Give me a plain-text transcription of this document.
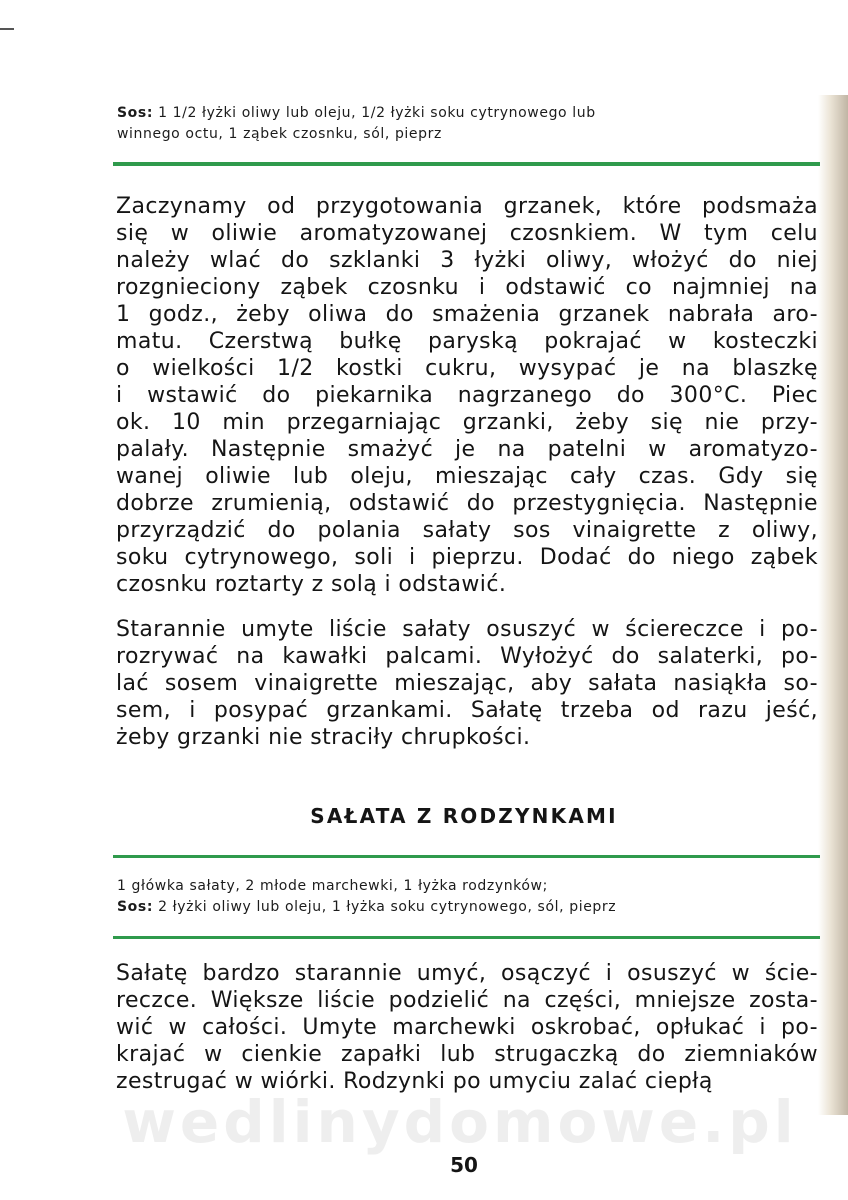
Sos: 1 1/2 łyżki oliwy lub oleju, 1/2 łyżki soku cytrynowego lub
winnego octu, 1 ząbek czosnku, sól, pieprz
Zaczynamy od przygotowania grzanek, które podsmaża
się w oliwie aromatyzowanej czosnkiem. W tym celu
należy wlać do szklanki 3 łyżki oliwy, włożyć do niej
rozgnieciony ząbek czosnku i odstawić co najmniej na
1 godz., żeby oliwa do smażenia grzanek nabrała aro-
matu. Czerstwą bułkę paryską pokrajać w kosteczki
o wielkości 1/2 kostki cukru, wysypać je na blaszkę
i wstawić do piekarnika nagrzanego do 300°C. Piec
ok. 10 min przegarniając grzanki, żeby się nie przy-
palały. Następnie smażyć je na patelni w aromatyzo-
wanej oliwie lub oleju, mieszając cały czas. Gdy się
dobrze zrumienią, odstawić do przestygnięcia. Następnie
przyrządzić do polania sałaty sos vinaigrette z oliwy,
soku cytrynowego, soli i pieprzu. Dodać do niego ząbek
czosnku roztarty z solą i odstawić.
Starannie umyte liście sałaty osuszyć w ściereczce i po-
rozrywać na kawałki palcami. Wyłożyć do salaterki, po-
lać sosem vinaigrette mieszając, aby sałata nasiąkła so-
sem, i posypać grzankami. Sałatę trzeba od razu jeść,
żeby grzanki nie straciły chrupkości.
SAŁATA Z RODZYNKAMI
1 główka sałaty, 2 młode marchewki, 1 łyżka rodzynków;
Sos: 2 łyżki oliwy lub oleju, 1 łyżka soku cytrynowego, sól, pieprz
Sałatę bardzo starannie umyć, osączyć i osuszyć w ście-
reczce. Większe liście podzielić na części, mniejsze zosta-
wić w całości. Umyte marchewki oskrobać, opłukać i po-
krajać w cienkie zapałki lub strugaczką do ziemniaków
zestrugać w wiórki. Rodzynki po umyciu zalać ciepłą
wedlinydomowe.pl
50
